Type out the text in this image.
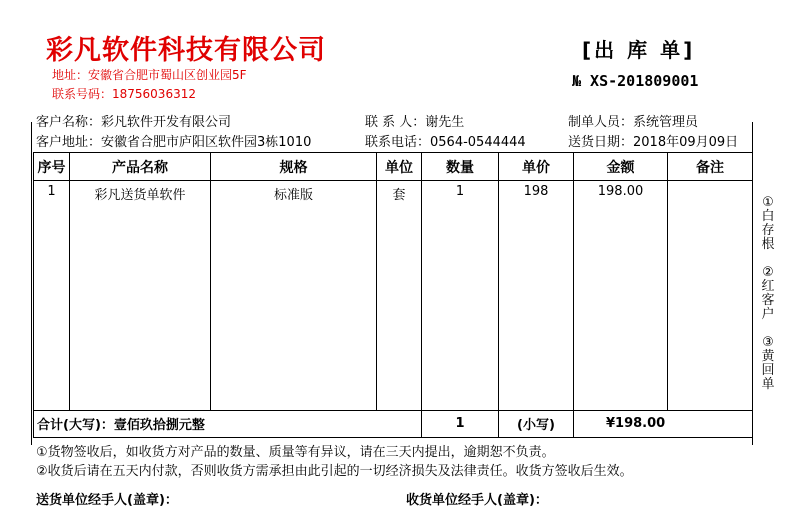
彩凡软件科技有限公司
地址：安徽省合肥市蜀山区创业园5F
联系号码：18756036312
[出 库 单]
№ XS-201809001
客户名称：彩凡软件开发有限公司
客户地址：安徽省合肥市庐阳区软件园3栋1010
联 系 人：谢先生
联系电话：0564-0544444
制单人员：系统管理员
送货日期：2018年09月09日
序号	产品名称	规格	单位	数量	单价	金额	备注
1	彩凡送货单软件	标准版	套	1	198	198.00	
合计(大写)：壹佰玖拾捌元整				1	(小写)	¥198.00	
①白存根
②红客户
③黄回单
①货物签收后，如收货方对产品的数量、质量等有异议，请在三天内提出，逾期恕不负责。
②收货后请在五天内付款，否则收货方需承担由此引起的一切经济损失及法律责任。收货方签收后生效。
送货单位经手人(盖章)：	收货单位经手人(盖章)：
